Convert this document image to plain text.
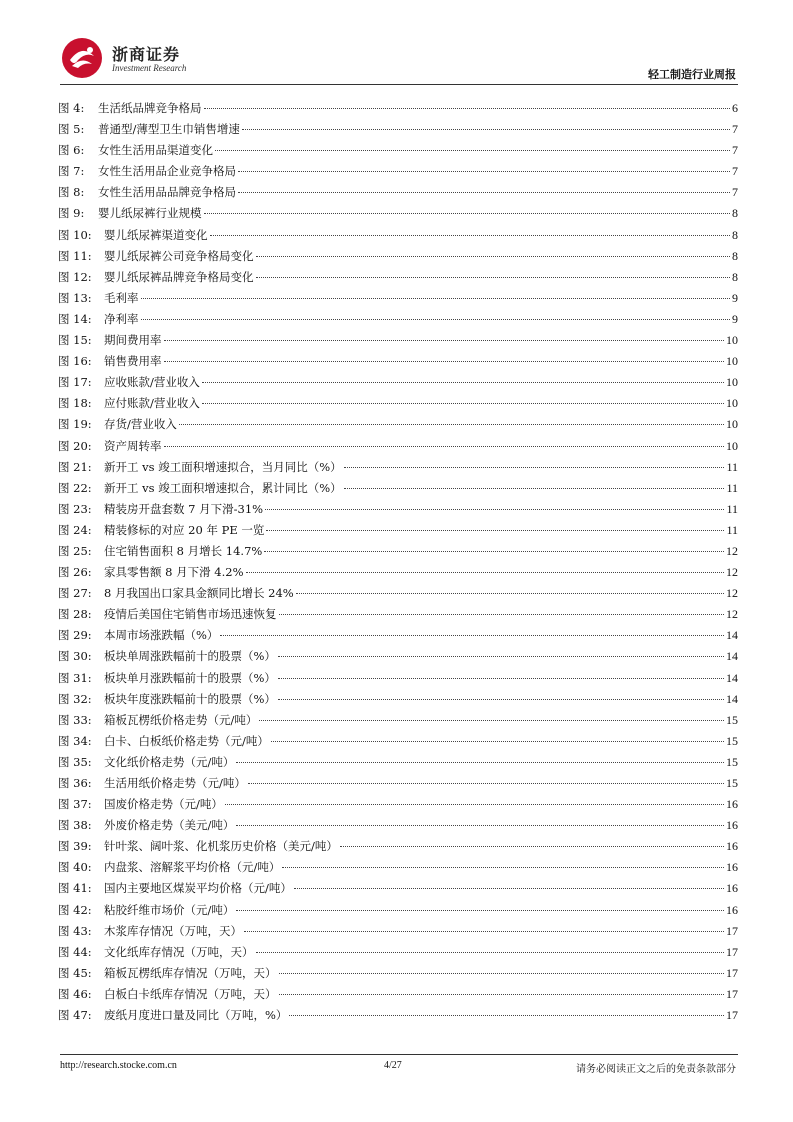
浙商证券
Investment Research	轻工制造行业周报
图 4:	生活纸品牌竞争格局	6
图 5:	普通型/薄型卫生巾销售增速	7
图 6:	女性生活用品渠道变化	7
图 7:	女性生活用品企业竞争格局	7
图 8:	女性生活用品品牌竞争格局	7
图 9:	婴儿纸尿裤行业规模	8
图 10:	婴儿纸尿裤渠道变化	8
图 11:	婴儿纸尿裤公司竞争格局变化	8
图 12:	婴儿纸尿裤品牌竞争格局变化	8
图 13:	毛利率	9
图 14:	净利率	9
图 15:	期间费用率	10
图 16:	销售费用率	10
图 17:	应收账款/营业收入	10
图 18:	应付账款/营业收入	10
图 19:	存货/营业收入	10
图 20:	资产周转率	10
图 21:	新开工 vs 竣工面积增速拟合，当月同比（%）	11
图 22:	新开工 vs 竣工面积增速拟合，累计同比（%）	11
图 23:	精装房开盘套数 7 月下滑-31%	11
图 24:	精装修标的对应 20 年 PE 一览	11
图 25:	住宅销售面积 8 月增长 14.7%	12
图 26:	家具零售额 8 月下滑 4.2%	12
图 27:	8 月我国出口家具金额同比增长 24%	12
图 28:	疫情后美国住宅销售市场迅速恢复	12
图 29:	本周市场涨跌幅（%）	14
图 30:	板块单周涨跌幅前十的股票（%）	14
图 31:	板块单月涨跌幅前十的股票（%）	14
图 32:	板块年度涨跌幅前十的股票（%）	14
图 33:	箱板瓦楞纸价格走势（元/吨）	15
图 34:	白卡、白板纸价格走势（元/吨）	15
图 35:	文化纸价格走势（元/吨）	15
图 36:	生活用纸价格走势（元/吨）	15
图 37:	国废价格走势（元/吨）	16
图 38:	外废价格走势（美元/吨）	16
图 39:	针叶浆、阔叶浆、化机浆历史价格（美元/吨）	16
图 40:	内盘浆、溶解浆平均价格（元/吨）	16
图 41:	国内主要地区煤炭平均价格（元/吨）	16
图 42:	粘胶纤维市场价（元/吨）	16
图 43:	木浆库存情况（万吨，天）	17
图 44:	文化纸库存情况（万吨，天）	17
图 45:	箱板瓦楞纸库存情况（万吨，天）	17
图 46:	白板白卡纸库存情况（万吨，天）	17
图 47:	废纸月度进口量及同比（万吨，%）	17
http://research.stocke.com.cn	4/27	请务必阅读正文之后的免责条款部分
